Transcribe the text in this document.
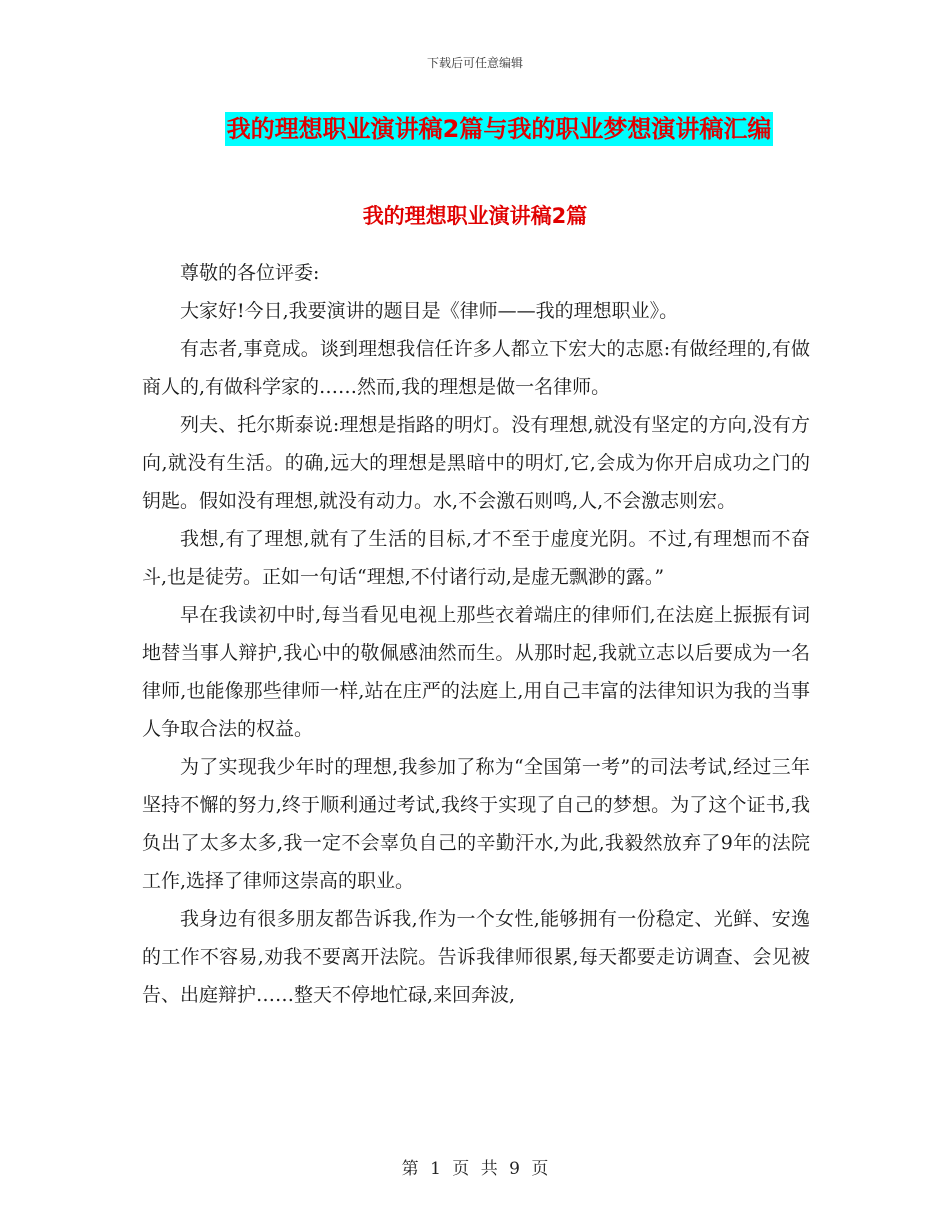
下载后可任意编辑
我的理想职业演讲稿2篇与我的职业梦想演讲稿汇编
我的理想职业演讲稿2篇

尊敬的各位评委:

大家好!今日,我要演讲的题目是《律师——我的理想职业》。

有志者,事竟成。谈到理想我信任许多人都立下宏大的志愿:有做经理的,有做商人的,有做科学家的……然而,我的理想是做一名律师。

列夫、托尔斯泰说:理想是指路的明灯。没有理想,就没有坚定的方向,没有方向,就没有生活。的确,远大的理想是黑暗中的明灯,它,会成为你开启成功之门的钥匙。假如没有理想,就没有动力。水,不会激石则鸣,人,不会激志则宏。

我想,有了理想,就有了生活的目标,才不至于虚度光阴。不过,有理想而不奋斗,也是徒劳。正如一句话“理想,不付诸行动,是虚无飘渺的露。”

早在我读初中时,每当看见电视上那些衣着端庄的律师们,在法庭上振振有词地替当事人辩护,我心中的敬佩感油然而生。从那时起,我就立志以后要成为一名律师,也能像那些律师一样,站在庄严的法庭上,用自己丰富的法律知识为我的当事人争取合法的权益。

为了实现我少年时的理想,我参加了称为“全国第一考”的司法考试,经过三年坚持不懈的努力,终于顺利通过考试,我终于实现了自己的梦想。为了这个证书,我负出了太多太多,我一定不会辜负自己的辛勤汗水,为此,我毅然放弃了9年的法院工作,选择了律师这崇高的职业。

我身边有很多朋友都告诉我,作为一个女性,能够拥有一份稳定、光鲜、安逸的工作不容易,劝我不要离开法院。告诉我律师很累,每天都要走访调查、会见被告、出庭辩护……整天不停地忙碌,来回奔波,

第 1 页 共 9 页
